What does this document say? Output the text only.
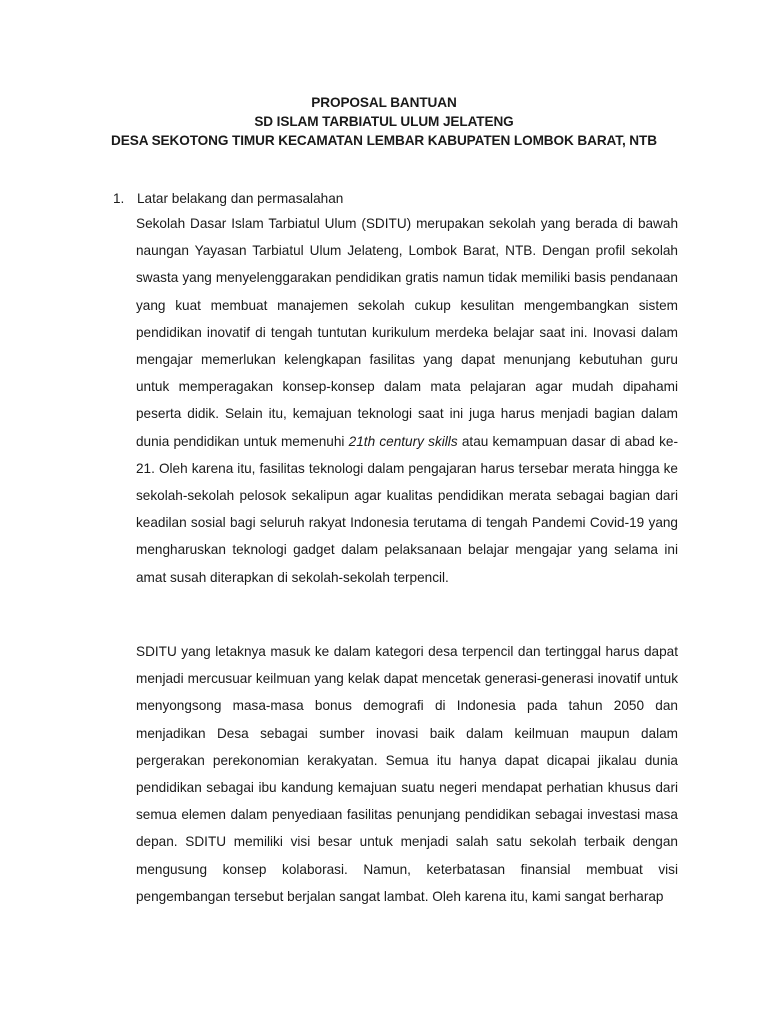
PROPOSAL BANTUAN
SD ISLAM TARBIATUL ULUM JELATENG
DESA SEKOTONG TIMUR KECAMATAN LEMBAR KABUPATEN LOMBOK BARAT, NTB
1. Latar belakang dan permasalahan

Sekolah Dasar Islam Tarbiatul Ulum (SDITU) merupakan sekolah yang berada di bawah naungan Yayasan Tarbiatul Ulum Jelateng, Lombok Barat, NTB. Dengan profil sekolah swasta yang menyelenggarakan pendidikan gratis namun tidak memiliki basis pendanaan yang kuat membuat manajemen sekolah cukup kesulitan mengembangkan sistem pendidikan inovatif di tengah tuntutan kurikulum merdeka belajar saat ini. Inovasi dalam mengajar memerlukan kelengkapan fasilitas yang dapat menunjang kebutuhan guru untuk memperagakan konsep-konsep dalam mata pelajaran agar mudah dipahami peserta didik. Selain itu, kemajuan teknologi saat ini juga harus menjadi bagian dalam dunia pendidikan untuk memenuhi 21th century skills atau kemampuan dasar di abad ke-21. Oleh karena itu, fasilitas teknologi dalam pengajaran harus tersebar merata hingga ke sekolah-sekolah pelosok sekalipun agar kualitas pendidikan merata sebagai bagian dari keadilan sosial bagi seluruh rakyat Indonesia terutama di tengah Pandemi Covid-19 yang mengharuskan teknologi gadget dalam pelaksanaan belajar mengajar yang selama ini amat susah diterapkan di sekolah-sekolah terpencil.

SDITU yang letaknya masuk ke dalam kategori desa terpencil dan tertinggal harus dapat menjadi mercusuar keilmuan yang kelak dapat mencetak generasi-generasi inovatif untuk menyongsong masa-masa bonus demografi di Indonesia pada tahun 2050 dan menjadikan Desa sebagai sumber inovasi baik dalam keilmuan maupun dalam pergerakan perekonomian kerakyatan. Semua itu hanya dapat dicapai jikalau dunia pendidikan sebagai ibu kandung kemajuan suatu negeri mendapat perhatian khusus dari semua elemen dalam penyediaan fasilitas penunjang pendidikan sebagai investasi masa depan. SDITU memiliki visi besar untuk menjadi salah satu sekolah terbaik dengan mengusung konsep kolaborasi. Namun, keterbatasan finansial membuat visi pengembangan tersebut berjalan sangat lambat. Oleh karena itu, kami sangat berharap
